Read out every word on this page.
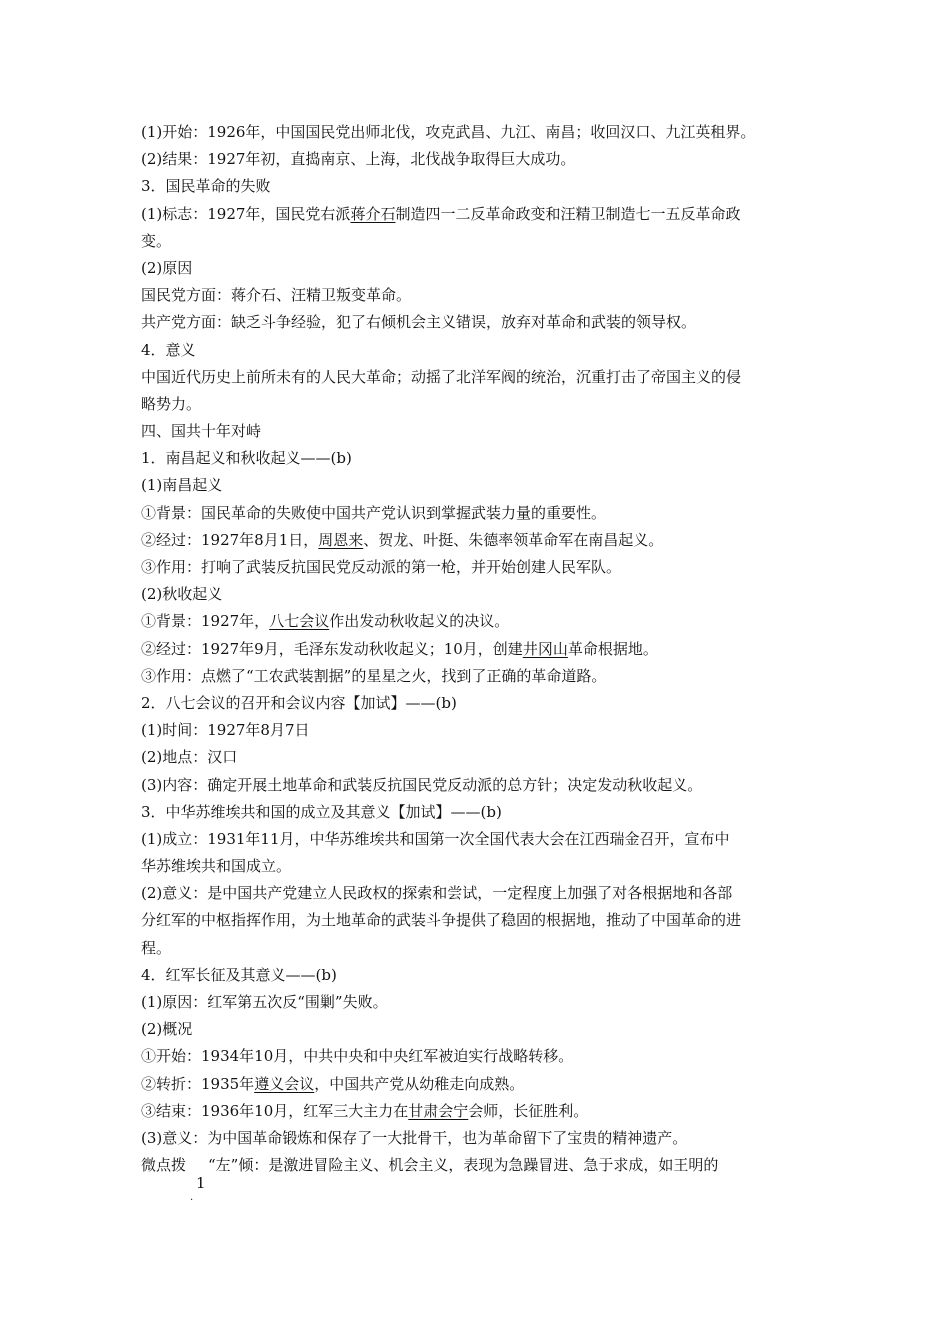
(1)开始：1926年，中国国民党出师北伐，攻克武昌、九江、南昌；收回汉口、九江英租界。
(2)结果：1927年初，直捣南京、上海，北伐战争取得巨大成功。
3．国民革命的失败
(1)标志：1927年，国民党右派蒋介石制造四一二反革命政变和汪精卫制造七一五反革命政
变。
(2)原因
国民党方面：蒋介石、汪精卫叛变革命。
共产党方面：缺乏斗争经验，犯了右倾机会主义错误，放弃对革命和武装的领导权。
4．意义
中国近代历史上前所未有的人民大革命；动摇了北洋军阀的统治，沉重打击了帝国主义的侵
略势力。
四、国共十年对峙
1．南昌起义和秋收起义——(b)
(1)南昌起义
①背景：国民革命的失败使中国共产党认识到掌握武装力量的重要性。
②经过：1927年8月1日，周恩来、贺龙、叶挺、朱德率领革命军在南昌起义。
③作用：打响了武装反抗国民党反动派的第一枪，并开始创建人民军队。
(2)秋收起义
①背景：1927年，八七会议作出发动秋收起义的决议。
②经过：1927年9月，毛泽东发动秋收起义；10月，创建井冈山革命根据地。
③作用：点燃了“工农武装割据”的星星之火，找到了正确的革命道路。
2．八七会议的召开和会议内容【加试】——(b)
(1)时间：1927年8月7日
(2)地点：汉口
(3)内容：确定开展土地革命和武装反抗国民党反动派的总方针；决定发动秋收起义。
3．中华苏维埃共和国的成立及其意义【加试】——(b)
(1)成立：1931年11月，中华苏维埃共和国第一次全国代表大会在江西瑞金召开，宣布中
华苏维埃共和国成立。
(2)意义：是中国共产党建立人民政权的探索和尝试，一定程度上加强了对各根据地和各部
分红军的中枢指挥作用，为土地革命的武装斗争提供了稳固的根据地，推动了中国革命的进
程。
4．红军长征及其意义——(b)
(1)原因：红军第五次反“围剿”失败。
(2)概况
①开始：1934年10月，中共中央和中央红军被迫实行战略转移。
②转折：1935年遵义会议，中国共产党从幼稚走向成熟。
③结束：1936年10月，红军三大主力在甘肃会宁会师，长征胜利。
(3)意义：为中国革命锻炼和保存了一大批骨干，也为革命留下了宝贵的精神遗产。
微点拨
.
1
“左”倾：是激进冒险主义、机会主义，表现为急躁冒进、急于求成，如王明的
